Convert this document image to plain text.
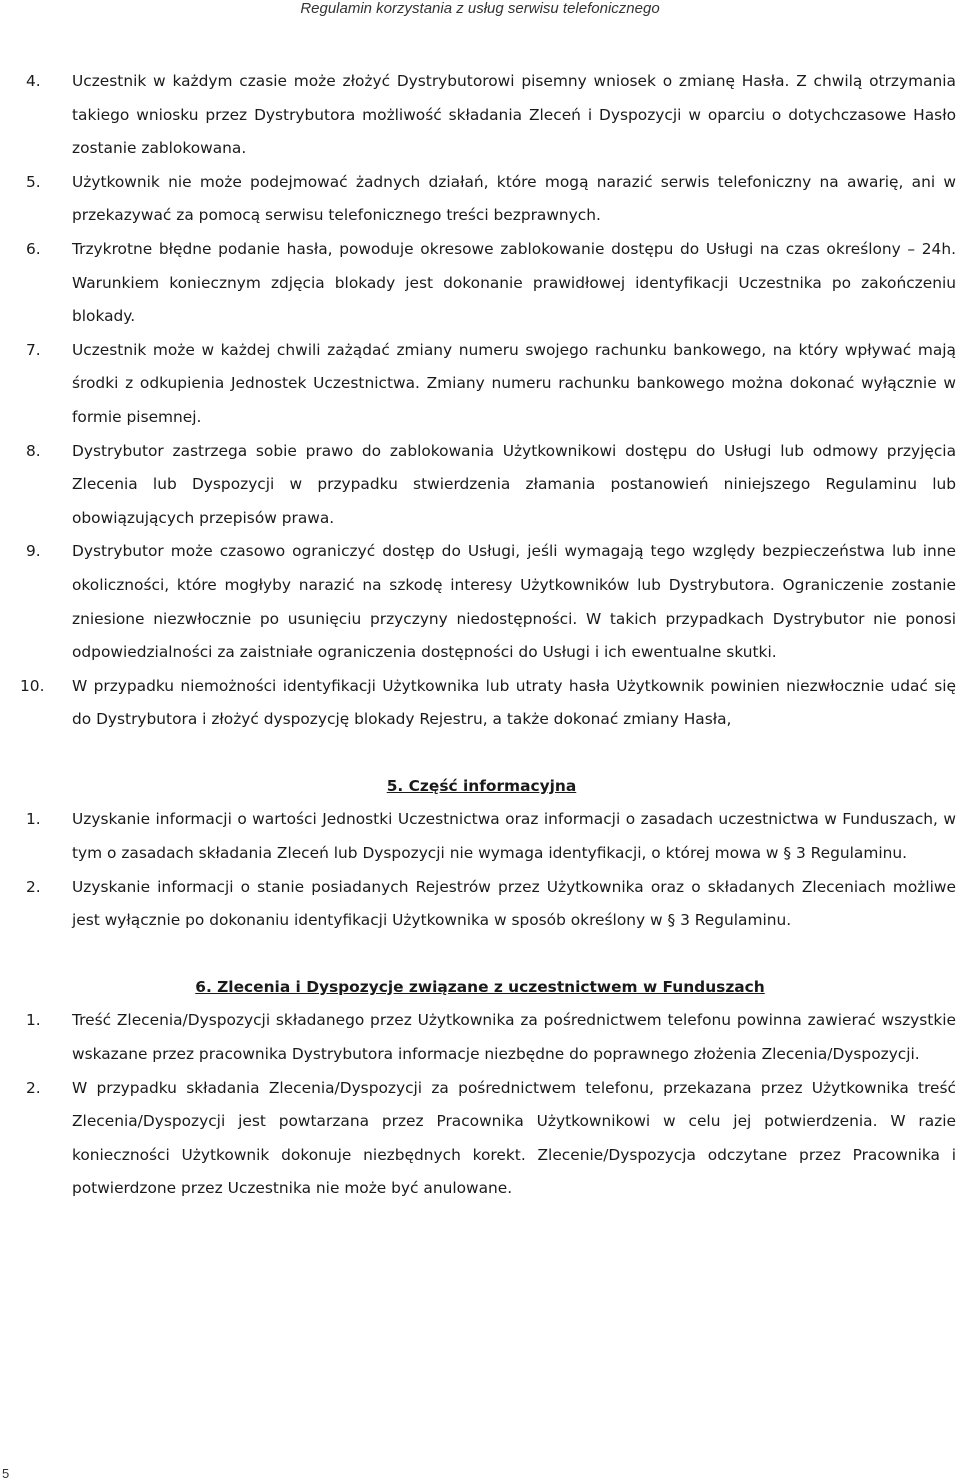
Regulamin korzystania z usług serwisu telefonicznego
4.	Uczestnik w każdym czasie może złożyć Dystrybutorowi pisemny wniosek o zmianę Hasła. Z chwilą otrzymania takiego wniosku przez Dystrybutora możliwość składania Zleceń i Dyspozycji w oparciu o dotychczasowe Hasło zostanie zablokowana.
5.	Użytkownik nie może podejmować żadnych działań, które mogą narazić serwis telefoniczny na awarię, ani w przekazywać za pomocą serwisu telefonicznego treści bezprawnych.
6.	Trzykrotne błędne podanie hasła, powoduje okresowe zablokowanie dostępu do Usługi na czas określony – 24h. Warunkiem koniecznym zdjęcia blokady jest dokonanie prawidłowej identyfikacji Uczestnika po zakończeniu blokady.
7.	Uczestnik może w każdej chwili zażądać zmiany numeru swojego rachunku bankowego, na który wpływać mają środki z odkupienia Jednostek Uczestnictwa. Zmiany numeru rachunku bankowego można dokonać wyłącznie w formie pisemnej.
8.	Dystrybutor zastrzega sobie prawo do zablokowania Użytkownikowi dostępu do Usługi lub odmowy przyjęcia Zlecenia lub Dyspozycji w przypadku stwierdzenia złamania postanowień niniejszego Regulaminu lub obowiązujących przepisów prawa.
9.	Dystrybutor może czasowo ograniczyć dostęp do Usługi, jeśli wymagają tego względy bezpieczeństwa lub inne okoliczności, które mogłyby narazić na szkodę interesy Użytkowników lub Dystrybutora. Ograniczenie zostanie zniesione niezwłocznie po usunięciu przyczyny niedostępności. W takich przypadkach Dystrybutor nie ponosi odpowiedzialności za zaistniałe ograniczenia dostępności do Usługi i ich ewentualne skutki.
10.	W przypadku niemożności identyfikacji Użytkownika lub utraty hasła Użytkownik powinien niezwłocznie udać się do Dystrybutora i złożyć dyspozycję blokady Rejestru, a także dokonać zmiany Hasła,
5. Część informacyjna
1.	Uzyskanie informacji o wartości Jednostki Uczestnictwa oraz informacji o zasadach uczestnictwa w Funduszach, w tym o zasadach składania Zleceń lub Dyspozycji nie wymaga identyfikacji, o której mowa w § 3 Regulaminu.
2.	Uzyskanie informacji o stanie posiadanych Rejestrów przez Użytkownika oraz o składanych Zleceniach możliwe jest wyłącznie po dokonaniu identyfikacji Użytkownika w sposób określony w § 3 Regulaminu.
6. Zlecenia i Dyspozycje związane z uczestnictwem w Funduszach
1.	Treść Zlecenia/Dyspozycji składanego przez Użytkownika za pośrednictwem telefonu powinna zawierać wszystkie wskazane przez pracownika Dystrybutora informacje niezbędne do poprawnego złożenia Zlecenia/Dyspozycji.
2.	W przypadku składania Zlecenia/Dyspozycji za pośrednictwem telefonu, przekazana przez Użytkownika treść Zlecenia/Dyspozycji jest powtarzana przez Pracownika Użytkownikowi w celu jej potwierdzenia. W razie konieczności Użytkownik dokonuje niezbędnych korekt. Zlecenie/Dyspozycja odczytane przez Pracownika i potwierdzone przez Uczestnika nie może być anulowane.
5
